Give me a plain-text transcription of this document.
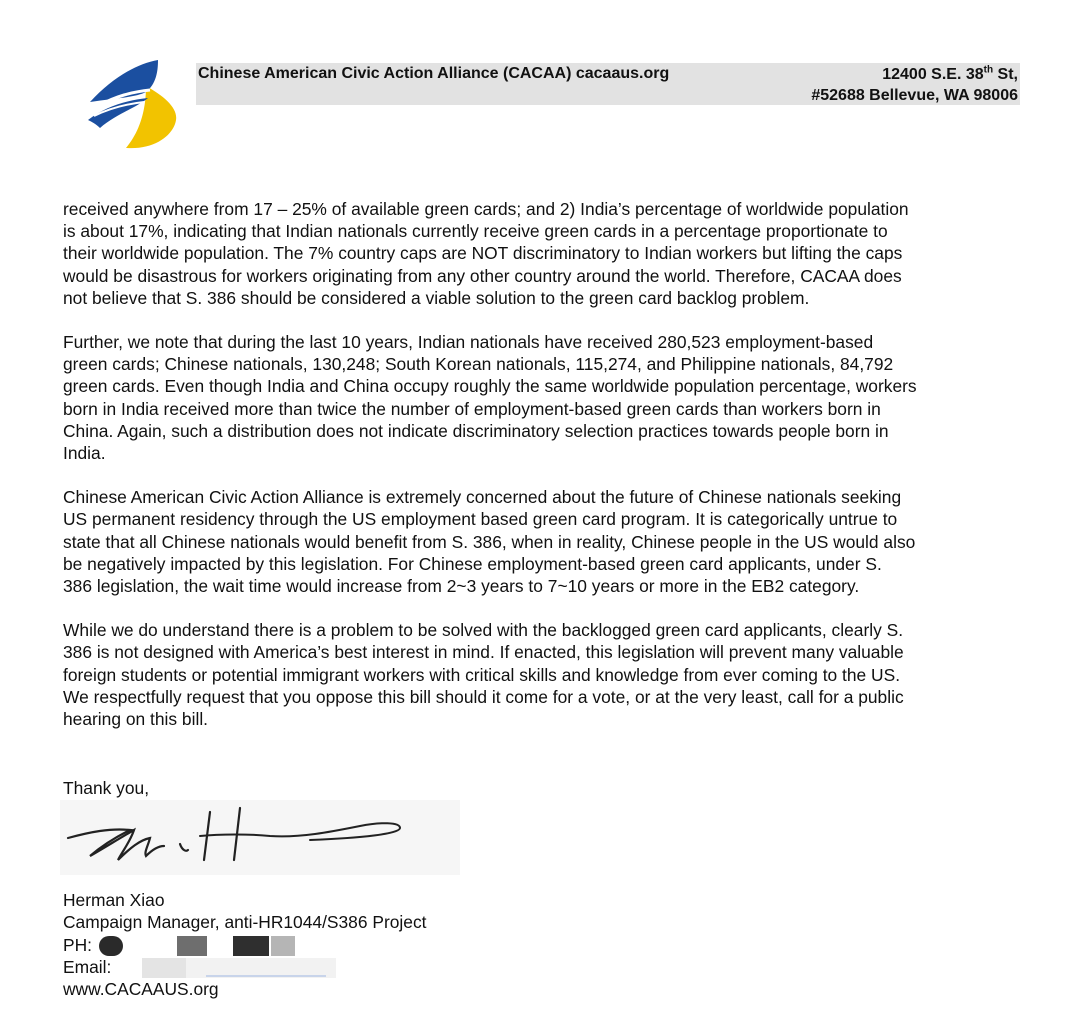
Chinese American Civic Action Alliance (CACAA) cacaaus.org	12400 S.E. 38th St,
#52688 Bellevue, WA 98006

received anywhere from 17 – 25% of available green cards; and 2) India’s percentage of worldwide population
is about 17%, indicating that Indian nationals currently receive green cards in a percentage proportionate to
their worldwide population. The 7% country caps are NOT discriminatory to Indian workers but lifting the caps
would be disastrous for workers originating from any other country around the world. Therefore, CACAA does
not believe that S. 386 should be considered a viable solution to the green card backlog problem.

Further, we note that during the last 10 years, Indian nationals have received 280,523 employment-based
green cards; Chinese nationals, 130,248; South Korean nationals, 115,274, and Philippine nationals, 84,792
green cards. Even though India and China occupy roughly the same worldwide population percentage, workers
born in India received more than twice the number of employment-based green cards than workers born in
China. Again, such a distribution does not indicate discriminatory selection practices towards people born in
India.

Chinese American Civic Action Alliance is extremely concerned about the future of Chinese nationals seeking
US permanent residency through the US employment based green card program. It is categorically untrue to
state that all Chinese nationals would benefit from S. 386, when in reality, Chinese people in the US would also
be negatively impacted by this legislation. For Chinese employment-based green card applicants, under S.
386 legislation, the wait time would increase from 2~3 years to 7~10 years or more in the EB2 category.

While we do understand there is a problem to be solved with the backlogged green card applicants, clearly S.
386 is not designed with America’s best interest in mind. If enacted, this legislation will prevent many valuable
foreign students or potential immigrant workers with critical skills and knowledge from ever coming to the US.
We respectfully request that you oppose this bill should it come for a vote, or at the very least, call for a public
hearing on this bill.

Thank you,
Herman Xiao
Campaign Manager, anti-HR1044/S386 Project
PH:
Email:
www.CACAAUS.org
